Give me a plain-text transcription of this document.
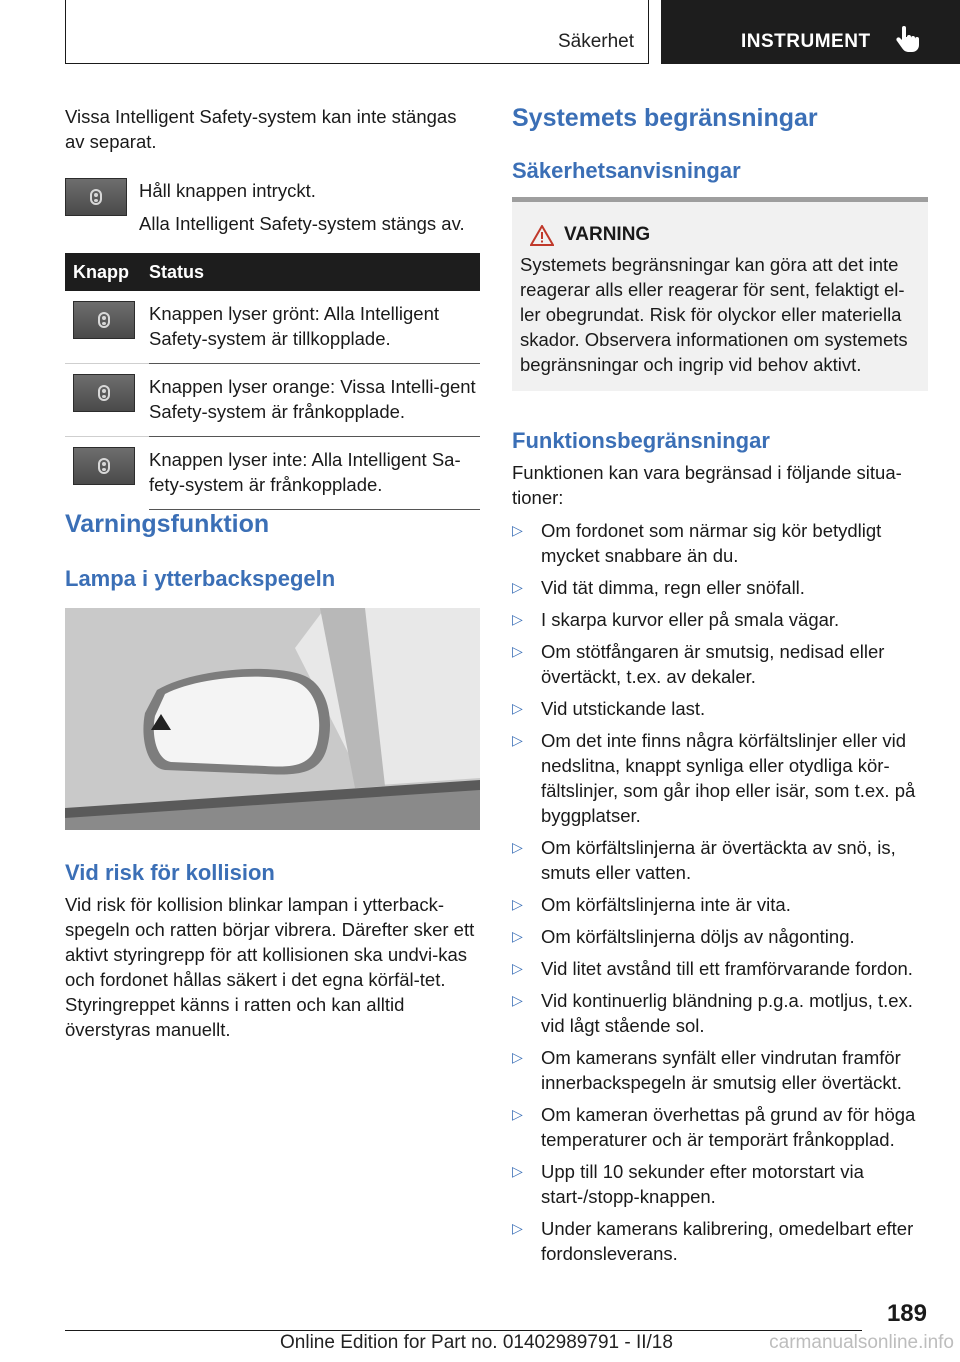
Säkerhet	INSTRUMENT

Vissa Intelligent Safety-system kan inte stängas av separat.

Håll knappen intryckt.

Alla Intelligent Safety-system stängs av.

Knapp	Status

	Knappen lyser grönt: Alla Intelligent Safety-system är tillkopplade.

	Knappen lyser orange: Vissa Intelli-gent Safety-system är frånkopplade.

	Knappen lyser inte: Alla Intelligent Sa-fety-system är frånkopplade.
Varningsfunktion
Lampa i ytterbackspegeln
Vid risk för kollision

Vid risk för kollision blinkar lampan i ytterback-spegeln och ratten börjar vibrera. Därefter sker ett aktivt styringrepp för att kollisionen ska undvi-kas och fordonet hållas säkert i det egna körfäl-tet. Styringreppet känns i ratten och kan alltid överstyras manuellt.

Systemets begränsningar
Säkerhetsanvisningar
VARNING

Systemets begränsningar kan göra att det inte reagerar alls eller reagerar för sent, felaktigt el-ler obegrundat. Risk för olyckor eller materiella skador. Observera informationen om systemets begränsningar och ingrip vid behov aktivt.

Funktionsbegränsningar

Funktionen kan vara begränsad i följande situa-tioner:

▷ Om fordonet som närmar sig kör betydligt mycket snabbare än du.
▷ Vid tät dimma, regn eller snöfall.
▷ I skarpa kurvor eller på smala vägar.
▷ Om stötfångaren är smutsig, nedisad eller övertäckt, t.ex. av dekaler.
▷ Vid utstickande last.
▷ Om det inte finns några körfältslinjer eller vid nedslitna, knappt synliga eller otydliga kör-fältslinjer, som går ihop eller isär, som t.ex. på byggplatser.
▷ Om körfältslinjerna är övertäckta av snö, is, smuts eller vatten.
▷ Om körfältslinjerna inte är vita.
▷ Om körfältslinjerna döljs av någonting.
▷ Vid litet avstånd till ett framförvarande fordon.
▷ Vid kontinuerlig bländning p.g.a. motljus, t.ex. vid lågt stående sol.
▷ Om kamerans synfält eller vindrutan framför innerbackspegeln är smutsig eller övertäckt.
▷ Om kameran överhettas på grund av för höga temperaturer och är temporärt frånkopplad.
▷ Upp till 10 sekunder efter motorstart via start-/stopp-knappen.
▷ Under kamerans kalibrering, omedelbart efter fordonsleverans.
189
Online Edition for Part no. 01402989791 - II/18	carmanualsonline.info
